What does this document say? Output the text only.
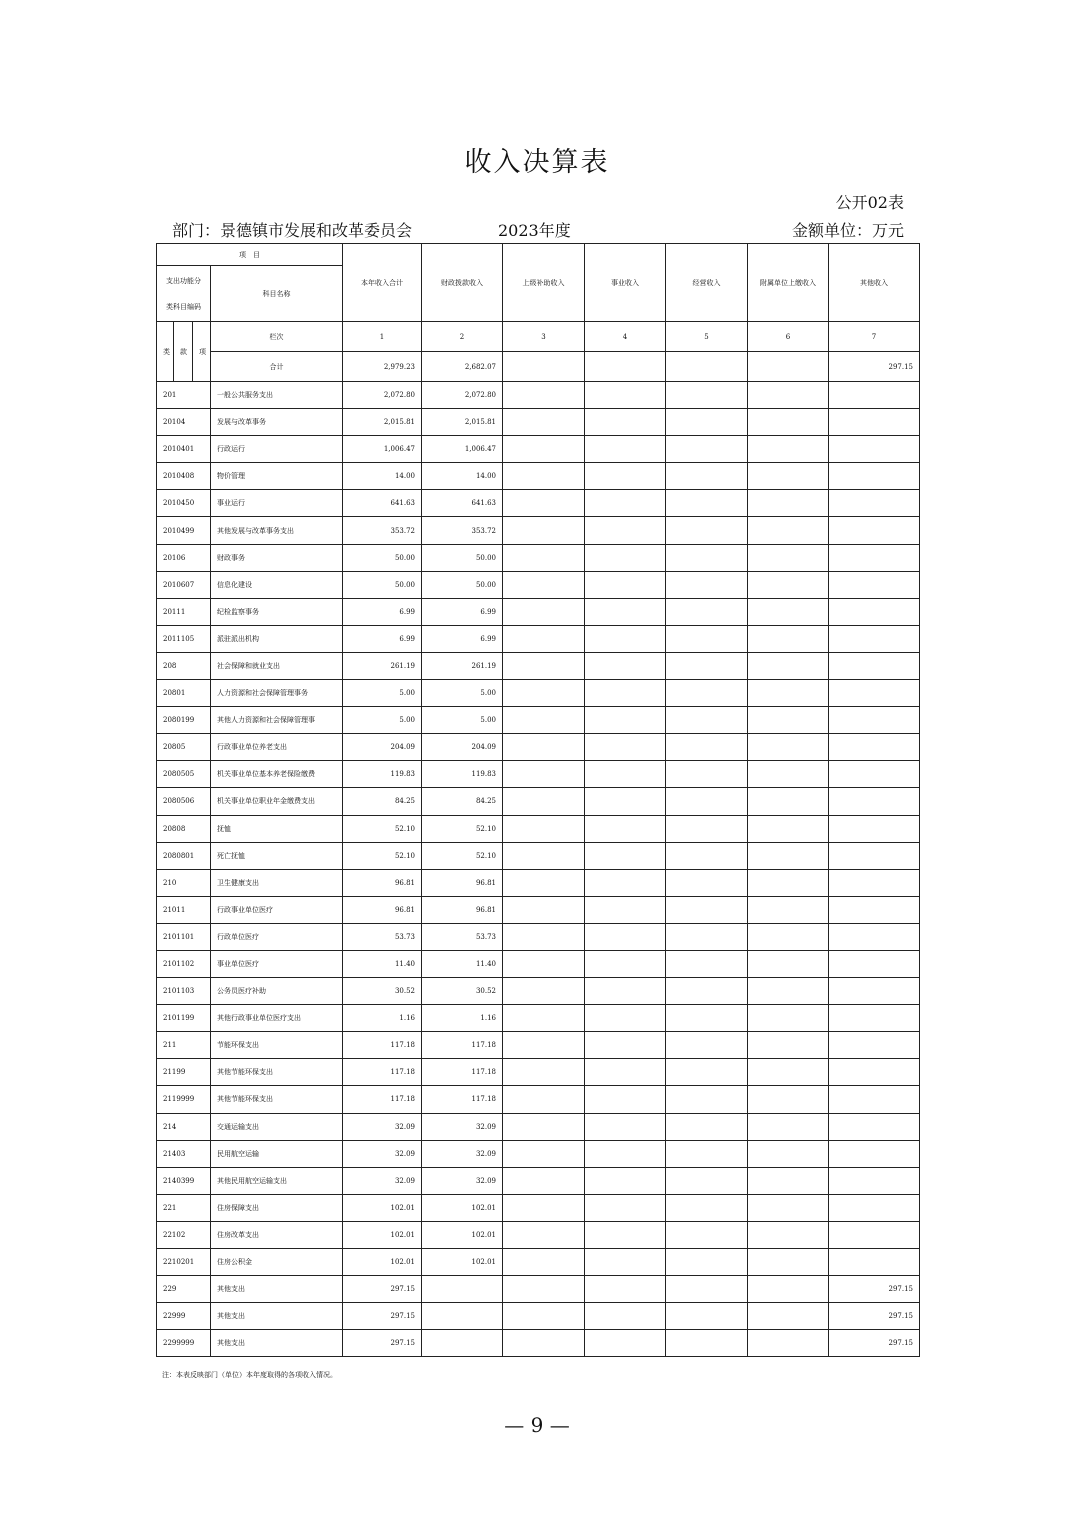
收入决算表
公开02表
部门：景德镇市发展和改革委员会	2023年度	金额单位：万元
项　目				本年收入合计	财政拨款收入	上级补助收入	事业收入	经营收入	附属单位上缴收入	其他收入

支出功能分
类科目编码			科目名称							
类	款	项	栏次	1	2	3	4	5	6	7
			合计	2,979.23	2,682.07					297.15
201			一般公共服务支出	2,072.80	2,072.80					
20104			发展与改革事务	2,015.81	2,015.81					
2010401			行政运行	1,006.47	1,006.47					
2010408			物价管理	14.00	14.00					
2010450			事业运行	641.63	641.63					
2010499			其他发展与改革事务支出	353.72	353.72					
20106			财政事务	50.00	50.00					
2010607			信息化建设	50.00	50.00					
20111			纪检监察事务	6.99	6.99					
2011105			派驻派出机构	6.99	6.99					
208			社会保障和就业支出	261.19	261.19					
20801			人力资源和社会保障管理事务	5.00	5.00					
2080199			其他人力资源和社会保障管理事	5.00	5.00					
20805			行政事业单位养老支出	204.09	204.09					
2080505			机关事业单位基本养老保险缴费	119.83	119.83					
2080506			机关事业单位职业年金缴费支出	84.25	84.25					
20808			抚恤	52.10	52.10					
2080801			死亡抚恤	52.10	52.10					
210			卫生健康支出	96.81	96.81					
21011			行政事业单位医疗	96.81	96.81					
2101101			行政单位医疗	53.73	53.73					
2101102			事业单位医疗	11.40	11.40					
2101103			公务员医疗补助	30.52	30.52					
2101199			其他行政事业单位医疗支出	1.16	1.16					
211			节能环保支出	117.18	117.18					
21199			其他节能环保支出	117.18	117.18					
2119999			其他节能环保支出	117.18	117.18					
214			交通运输支出	32.09	32.09					
21403			民用航空运输	32.09	32.09					
2140399			其他民用航空运输支出	32.09	32.09					
221			住房保障支出	102.01	102.01					
22102			住房改革支出	102.01	102.01					
2210201			住房公积金	102.01	102.01					
229			其他支出	297.15						297.15
22999			其他支出	297.15						297.15
2299999			其他支出	297.15						297.15
注：本表反映部门（单位）本年度取得的各项收入情况。
— 9 —
